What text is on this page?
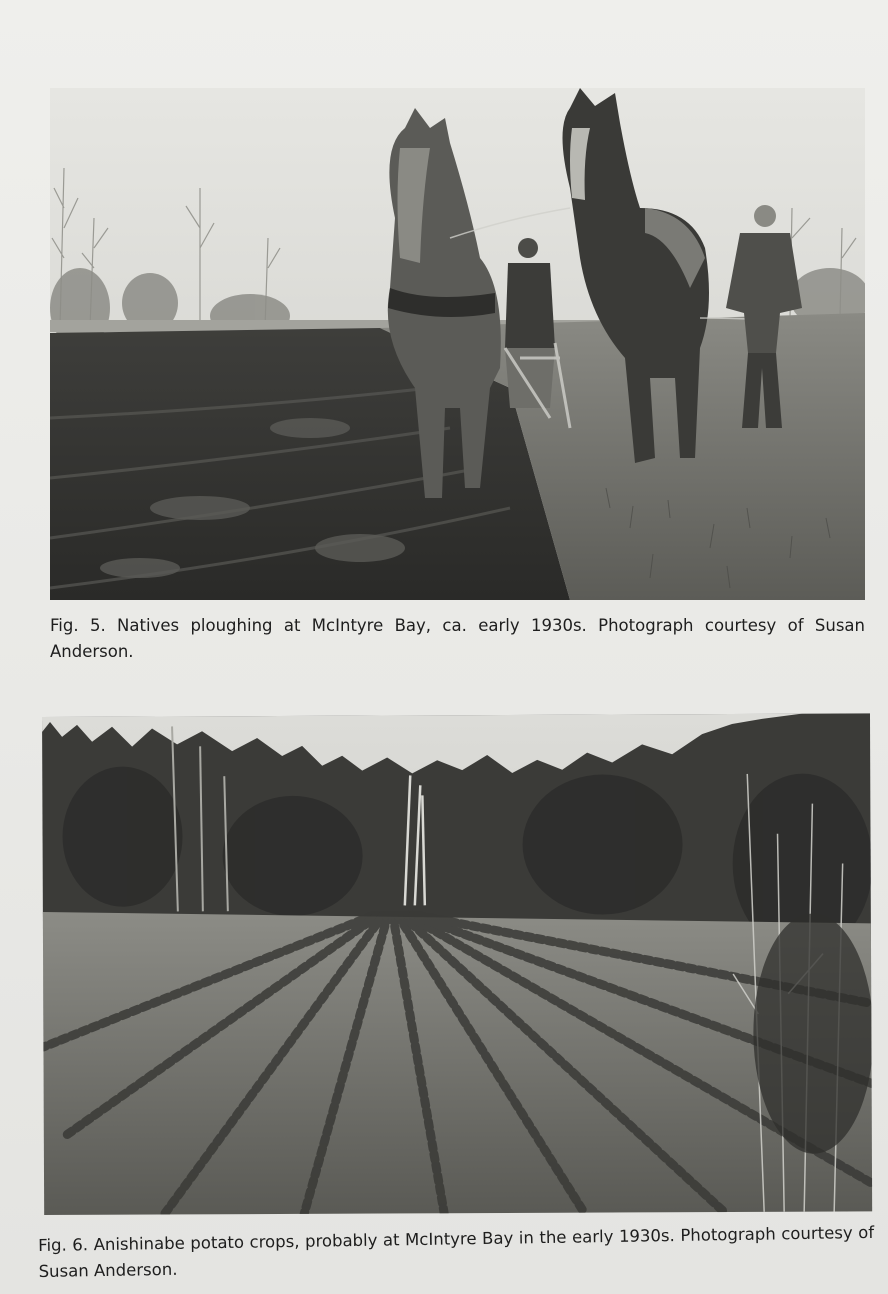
Fig. 5. Natives ploughing at McIntyre Bay, ca. early 1930s. Photograph courtesy of Susan Anderson.

Fig. 6. Anishinabe potato crops, probably at McIntyre Bay in the early 1930s. Photograph courtesy of Susan Anderson.
